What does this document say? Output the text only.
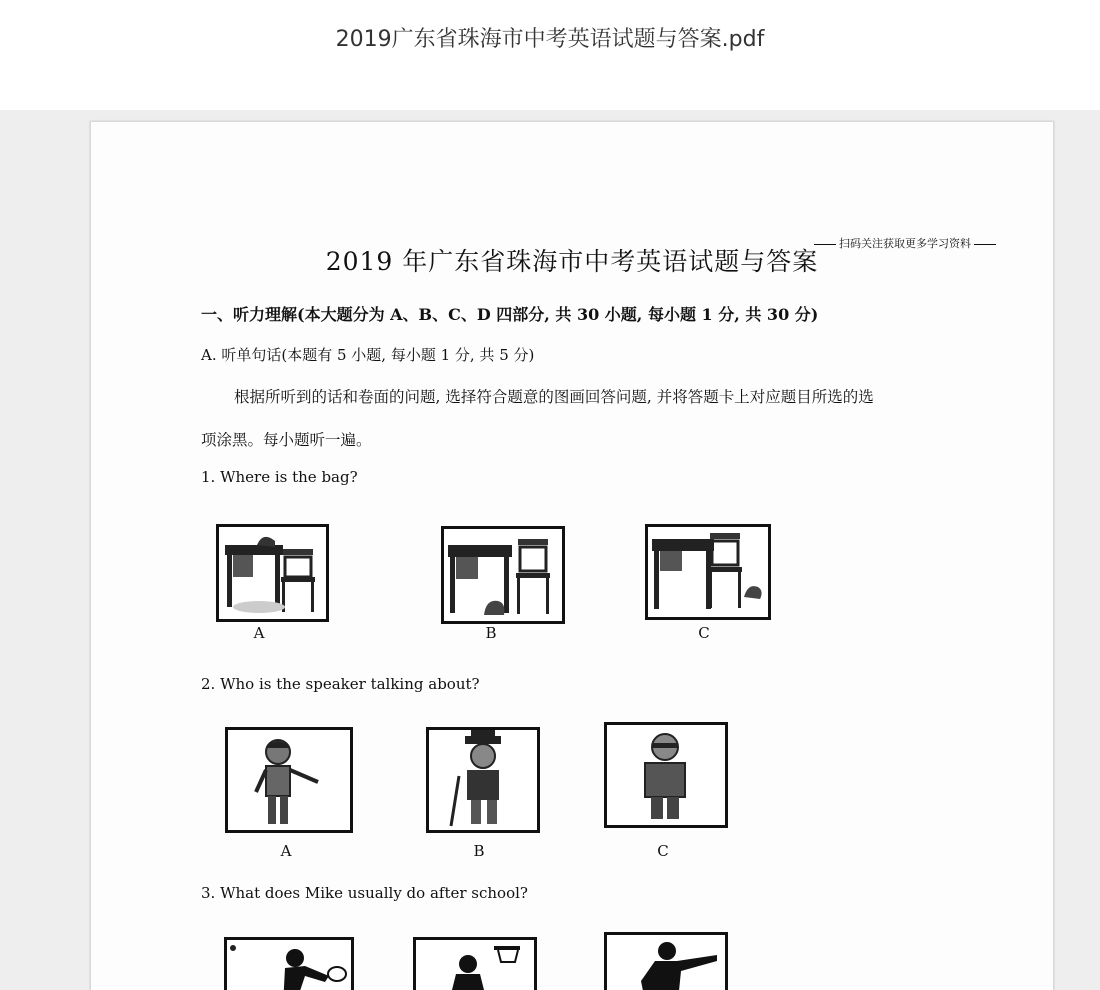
2019广东省珠海市中考英语试题与答案.pdf
扫码关注获取更多学习资料
2019 年广东省珠海市中考英语试题与答案
一、听力理解(本大题分为 A、B、C、D 四部分, 共 30 小题, 每小题 1 分, 共 30 分)
A. 听单句话(本题有 5 小题, 每小题 1 分, 共 5 分)
根据所听到的话和卷面的问题, 选择符合题意的图画回答问题, 并将答题卡上对应题目所选的选
项涂黑。每小题听一遍。
1. Where is the bag?
A	B	C
2. Who is the speaker talking about?
A	B	C
3. What does Mike usually do after school?
